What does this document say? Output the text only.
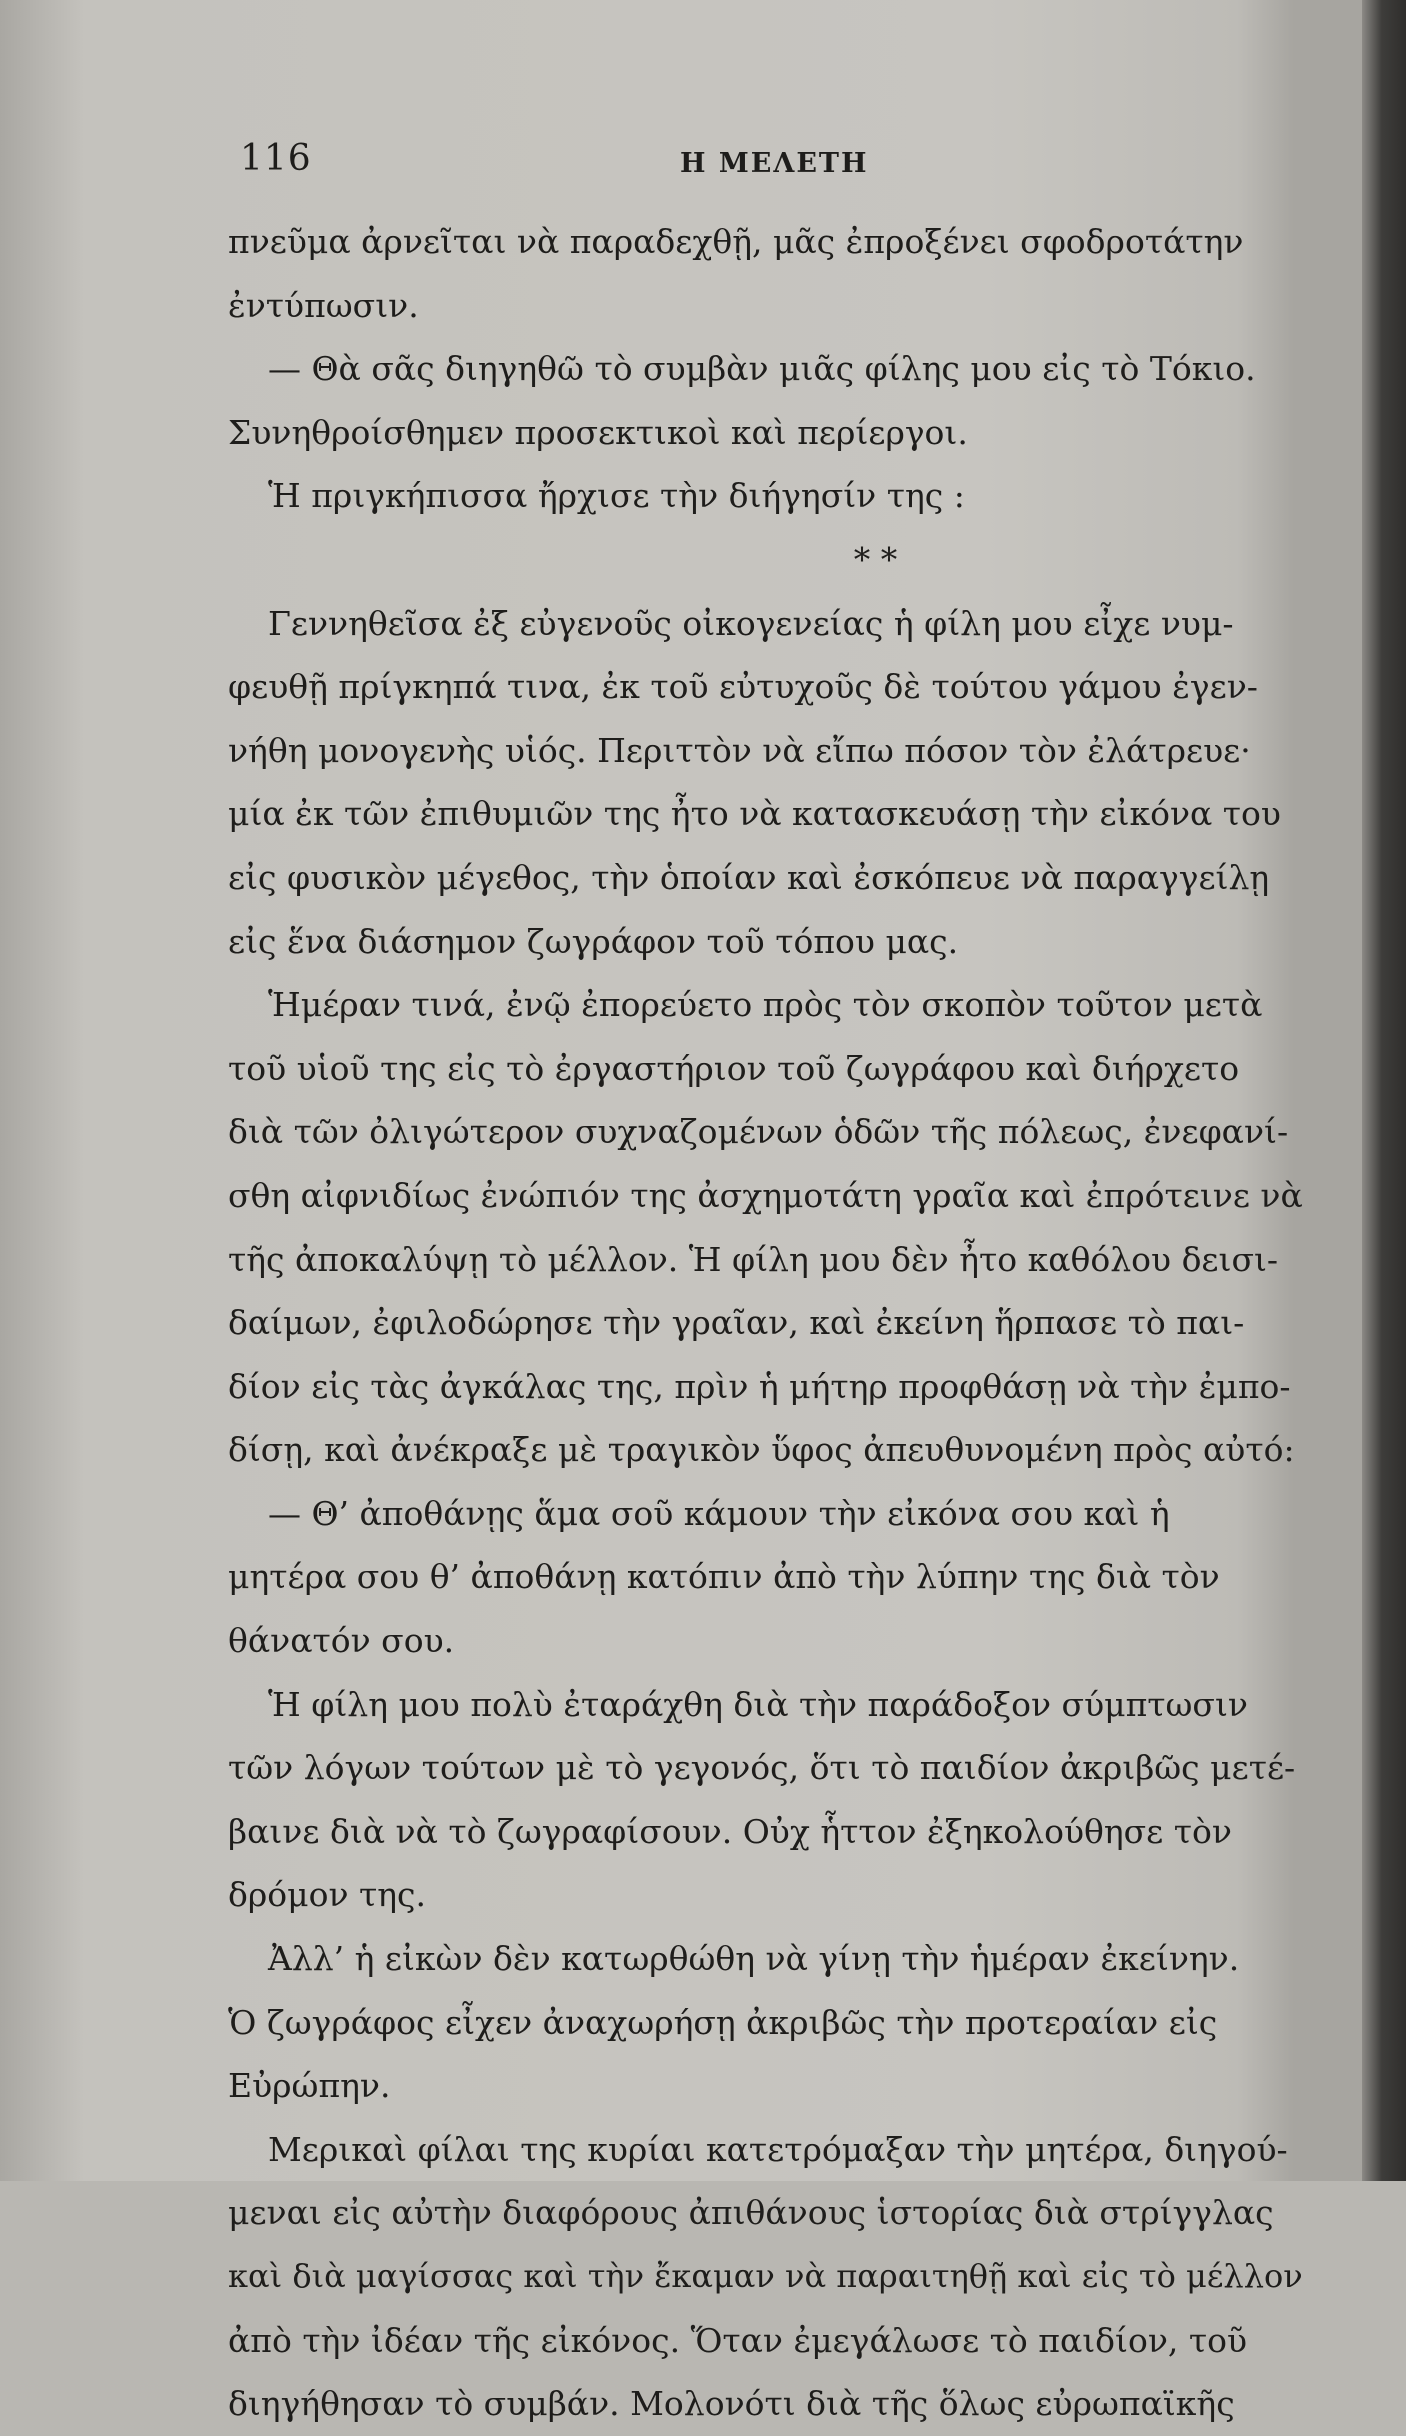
116	Η ΜΕΛΕΤΗ
πνεῦμα ἀρνεῖται νὰ παραδεχθῇ, μᾶς ἐπροξένει σφοδροτάτην
ἐντύπωσιν.
— Θὰ σᾶς διηγηθῶ τὸ συμβὰν μιᾶς φίλης μου εἰς τὸ Τόκιο.
Συνηθροίσθημεν προσεκτικοὶ καὶ περίεργοι.
Ἡ πριγκήπισσα ἤρχισε τὴν διήγησίν της :
* *
Γεννηθεῖσα ἐξ εὐγενοῦς οἰκογενείας ἡ φίλη μου εἶχε νυμ-
φευθῇ πρίγκηπά τινα, ἐκ τοῦ εὐτυχοῦς δὲ τούτου γάμου ἐγεν-
νήθη μονογενὴς υἱός. Περιττὸν νὰ εἴπω πόσον τὸν ἐλάτρευε·
μία ἐκ τῶν ἐπιθυμιῶν της ἦτο νὰ κατασκευάσῃ τὴν εἰκόνα του
εἰς φυσικὸν μέγεθος, τὴν ὁποίαν καὶ ἐσκόπευε νὰ παραγγείλῃ
εἰς ἕνα διάσημον ζωγράφον τοῦ τόπου μας.
Ἡμέραν τινά, ἐνῷ ἐπορεύετο πρὸς τὸν σκοπὸν τοῦτον μετὰ
τοῦ υἱοῦ της εἰς τὸ ἐργαστήριον τοῦ ζωγράφου καὶ διήρχετο
διὰ τῶν ὀλιγώτερον συχναζομένων ὁδῶν τῆς πόλεως, ἐνεφανί-
σθη αἰφνιδίως ἐνώπιόν της ἀσχημοτάτη γραῖα καὶ ἐπρότεινε νὰ
τῆς ἀποκαλύψῃ τὸ μέλλον. Ἡ φίλη μου δὲν ἦτο καθόλου δεισι-
δαίμων, ἐφιλοδώρησε τὴν γραῖαν, καὶ ἐκείνη ἥρπασε τὸ παι-
δίον εἰς τὰς ἀγκάλας της, πρὶν ἡ μήτηρ προφθάσῃ νὰ τὴν ἐμπο-
δίσῃ, καὶ ἀνέκραξε μὲ τραγικὸν ὕφος ἀπευθυνομένη πρὸς αὐτό:
— Θ’ ἀποθάνῃς ἅμα σοῦ κάμουν τὴν εἰκόνα σου καὶ ἡ
μητέρα σου θ’ ἀποθάνῃ κατόπιν ἀπὸ τὴν λύπην της διὰ τὸν
θάνατόν σου.
Ἡ φίλη μου πολὺ ἐταράχθη διὰ τὴν παράδοξον σύμπτωσιν
τῶν λόγων τούτων μὲ τὸ γεγονός, ὅτι τὸ παιδίον ἀκριβῶς μετέ-
βαινε διὰ νὰ τὸ ζωγραφίσουν. Οὐχ ἧττον ἐξηκολούθησε τὸν
δρόμον της.
Ἀλλ’ ἡ εἰκὼν δὲν κατωρθώθη νὰ γίνῃ τὴν ἡμέραν ἐκείνην.
Ὁ ζωγράφος εἶχεν ἀναχωρήσῃ ἀκριβῶς τὴν προτεραίαν εἰς
Εὐρώπην.
Μερικαὶ φίλαι της κυρίαι κατετρόμαξαν τὴν μητέρα, διηγού-
μεναι εἰς αὐτὴν διαφόρους ἀπιθάνους ἱστορίας διὰ στρίγγλας
καὶ διὰ μαγίσσας καὶ τὴν ἔκαμαν νὰ παραιτηθῇ καὶ εἰς τὸ μέλλον
ἀπὸ τὴν ἰδέαν τῆς εἰκόνος. Ὅταν ἐμεγάλωσε τὸ παιδίον, τοῦ
διηγήθησαν τὸ συμβάν. Μολονότι διὰ τῆς ὅλως εὐρωπαϊκῆς
